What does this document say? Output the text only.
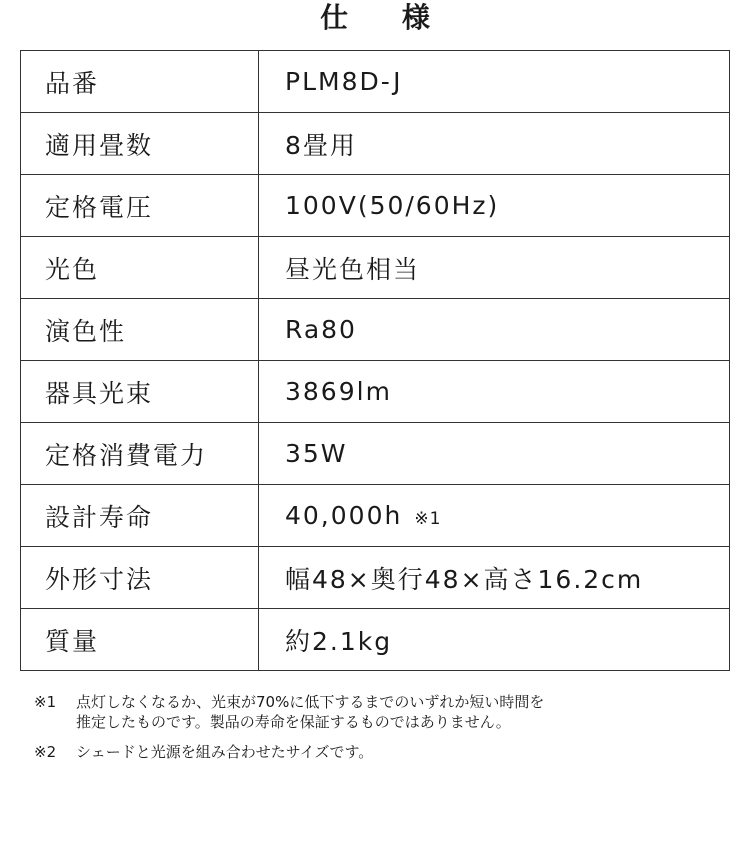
仕 様
品番	PLM8D-J
適用畳数	8畳用
定格電圧	100V(50/60Hz)
光色	昼光色相当
演色性	Ra80
器具光束	3869lm
定格消費電力	35W
設計寿命	40,000h ※1
外形寸法	幅48×奥行48×高さ16.2cm
質量	約2.1kg
※1	点灯しなくなるか、光束が70%に低下するまでのいずれか短い時間を
推定したものです。製品の寿命を保証するものではありません。
※2	シェードと光源を組み合わせたサイズです。
